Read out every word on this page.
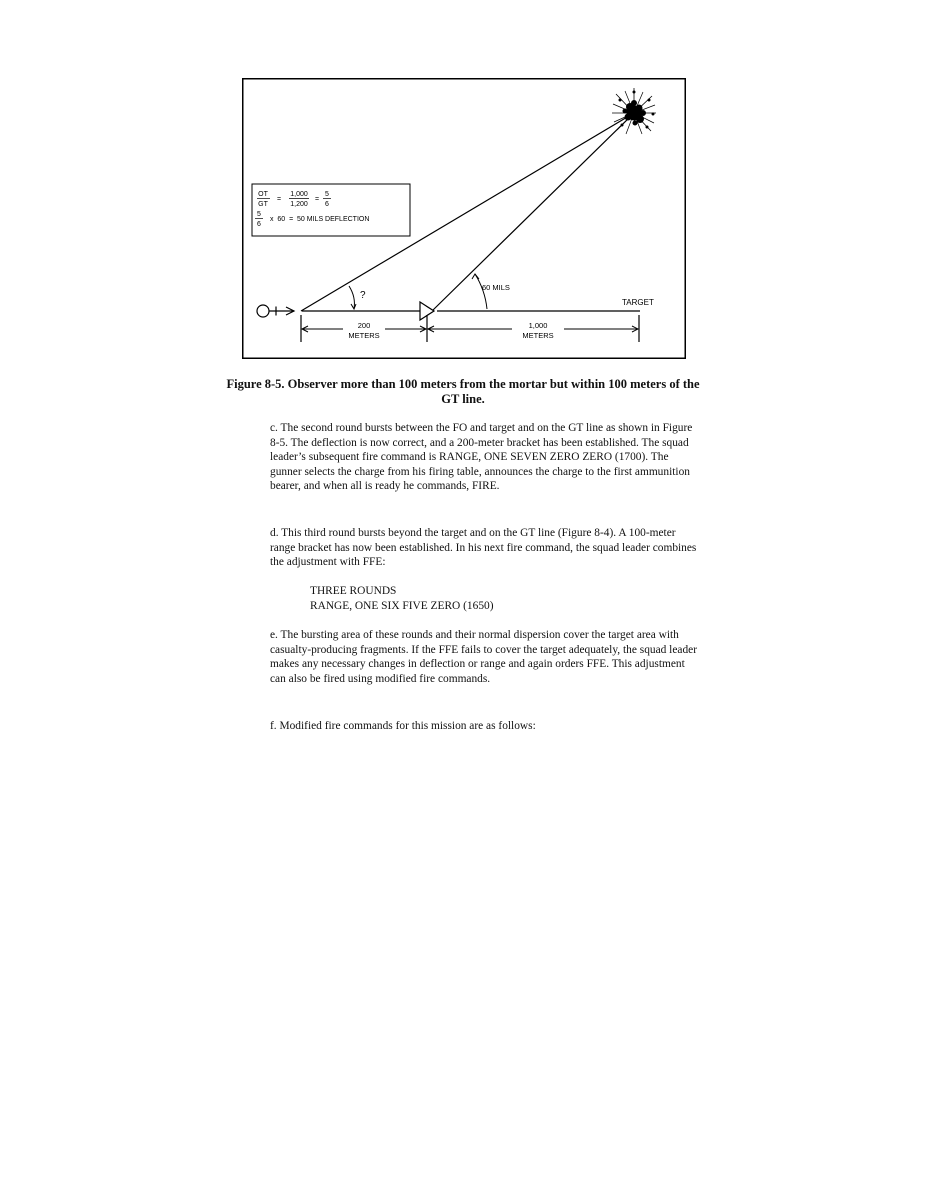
OT
GT
=
1,000
1,200
=
5
6
5
6
x  60  =  50 MILS DEFLECTION
?
60 MILS
TARGET
200
METERS
1,000
METERS
Figure 8-5. Observer more than 100 meters from the mortar but within 100 meters of the GT line.

c. The second round bursts between the FO and target and on the GT line as shown in Figure 8-5. The deflection is now correct, and a 200-meter bracket has been established. The squad leader’s subsequent fire command is RANGE, ONE SEVEN ZERO ZERO (1700). The gunner selects the charge from his firing table, announces the charge to the first ammunition bearer, and when all is ready he commands, FIRE.

d. This third round bursts beyond the target and on the GT line (Figure 8-4). A 100-meter range bracket has now been established. In his next fire command, the squad leader combines the adjustment with FFE:

THREE ROUNDS
RANGE, ONE SIX FIVE ZERO (1650)

e. The bursting area of these rounds and their normal dispersion cover the target area with casualty-producing fragments. If the FFE fails to cover the target adequately, the squad leader makes any necessary changes in deflection or range and again orders FFE. This adjustment can also be fired using modified fire commands.

f. Modified fire commands for this mission are as follows:
